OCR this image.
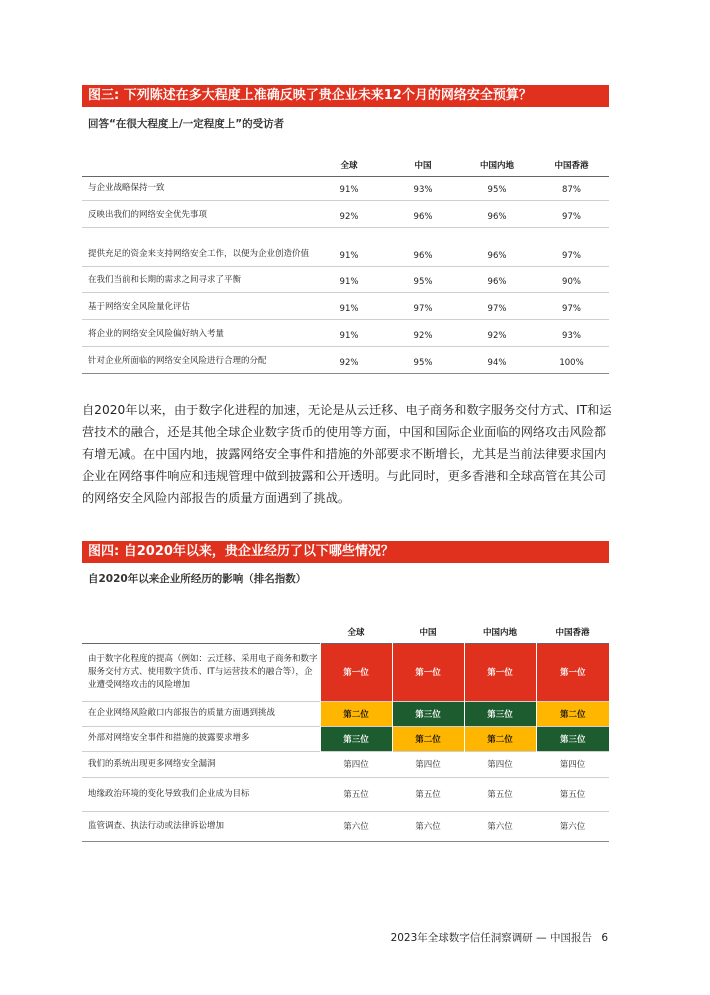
图三: 下列陈述在多大程度上准确反映了贵企业未来12个月的网络安全预算？
回答“在很大程度上/一定程度上”的受访者
	全球	中国	中国内地	中国香港
与企业战略保持一致	91%	93%	95%	87%
反映出我们的网络安全优先事项	92%	96%	96%	97%
提供充足的资金来支持网络安全工作，以便为企业创造价值	91%	96%	96%	97%
在我们当前和长期的需求之间寻求了平衡	91%	95%	96%	90%
基于网络安全风险量化评估	91%	97%	97%	97%
将企业的网络安全风险偏好纳入考量	91%	92%	92%	93%
针对企业所面临的网络安全风险进行合理的分配	92%	95%	94%	100%
自2020年以来，由于数字化进程的加速，无论是从云迁移、电子商务和数字服务交付方式、IT和运营技术的融合，还是其他全球企业数字货币的使用等方面，中国和国际企业面临的网络攻击风险都有增无减。在中国内地，披露网络安全事件和措施的外部要求不断增长，尤其是当前法律要求国内企业在网络事件响应和违规管理中做到披露和公开透明。与此同时，更多香港和全球高管在其公司的网络安全风险内部报告的质量方面遇到了挑战。
图四: 自2020年以来，贵企业经历了以下哪些情况？
自2020年以来企业所经历的影响（排名指数）
	全球	中国	中国内地	中国香港
由于数字化程度的提高（例如：云迁移、采用电子商务和数字服务交付方式、使用数字货币、IT与运营技术的融合等），企业遭受网络攻击的风险增加	第一位	第一位	第一位	第一位
在企业网络风险敞口内部报告的质量方面遇到挑战	第二位	第三位	第三位	第二位
外部对网络安全事件和措施的披露要求增多	第三位	第二位	第二位	第三位
我们的系统出现更多网络安全漏洞	第四位	第四位	第四位	第四位
地缘政治环境的变化导致我们企业成为目标	第五位	第五位	第五位	第五位
监管调查、执法行动或法律诉讼增加	第六位	第六位	第六位	第六位
2023年全球数字信任洞察调研 — 中国报告 6
